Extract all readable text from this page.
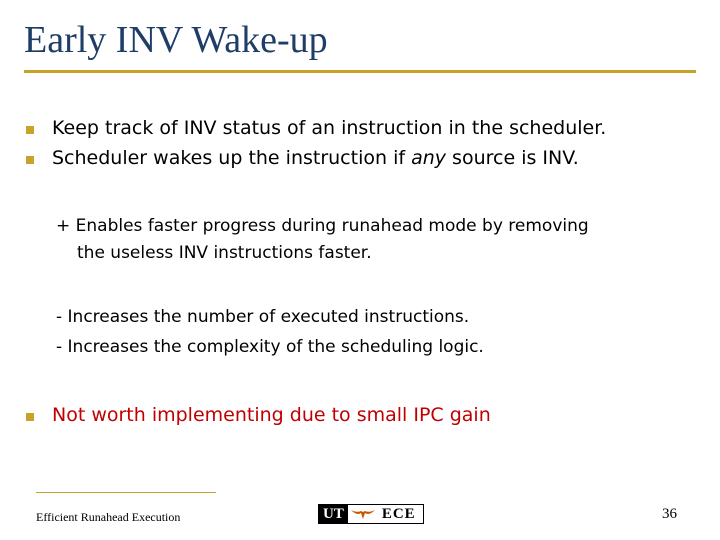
Early INV Wake-up
Keep track of INV status of an instruction in the scheduler.
Scheduler wakes up the instruction if any source is INV.
+ Enables faster progress during runahead mode by removing
the useless INV instructions faster.
- Increases the number of executed instructions.
- Increases the complexity of the scheduling logic.
Not worth implementing due to small IPC gain
Efficient Runahead Execution	UT	ECE	36
